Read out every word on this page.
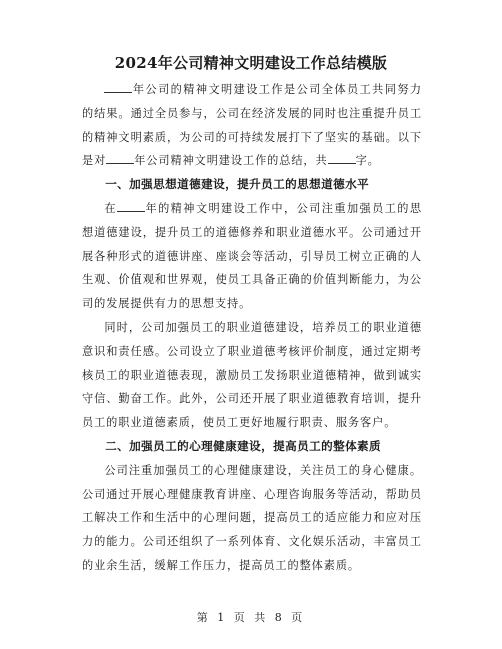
2024年公司精神文明建设工作总结模版

年公司的精神文明建设工作是公司全体员工共同努力的结果。通过全员参与，公司在经济发展的同时也注重提升员工的精神文明素质，为公司的可持续发展打下了坚实的基础。以下是对	年公司精神文明建设工作的总结，共	字。

一、加强思想道德建设，提升员工的思想道德水平

在	年的精神文明建设工作中，公司注重加强员工的思想道德建设，提升员工的道德修养和职业道德水平。公司通过开展各种形式的道德讲座、座谈会等活动，引导员工树立正确的人生观、价值观和世界观，使员工具备正确的价值判断能力，为公司的发展提供有力的思想支持。

同时，公司加强员工的职业道德建设，培养员工的职业道德意识和责任感。公司设立了职业道德考核评价制度，通过定期考核员工的职业道德表现，激励员工发扬职业道德精神，做到诚实守信、勤奋工作。此外，公司还开展了职业道德教育培训，提升员工的职业道德素质，使员工更好地履行职责、服务客户。

二、加强员工的心理健康建设，提高员工的整体素质

公司注重加强员工的心理健康建设，关注员工的身心健康。公司通过开展心理健康教育讲座、心理咨询服务等活动，帮助员工解决工作和生活中的心理问题，提高员工的适应能力和应对压力的能力。公司还组织了一系列体育、文化娱乐活动，丰富员工的业余生活，缓解工作压力，提高员工的整体素质。

第 1 页 共 8 页
